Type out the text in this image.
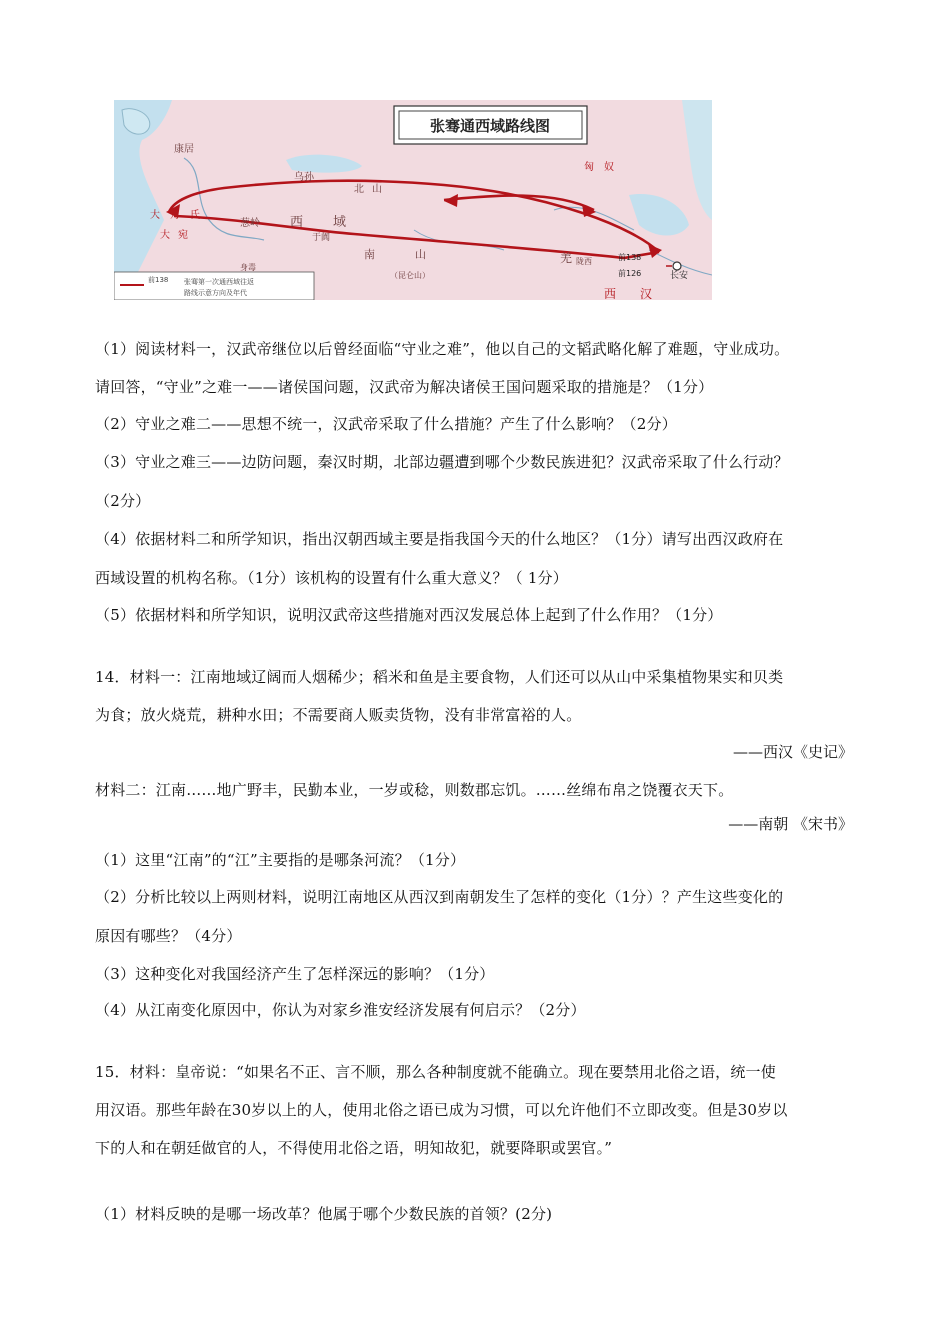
张骞通西域路线图
康居
乌孙
北山
匈奴
大月氏
大宛
葱岭 西域
于阗
南山
（昆仑山）
羌 陇西
长安
西汉
身毒
前138
前126
前138 张骞第一次通西域往返
路线示意方向及年代
（1）阅读材料一，汉武帝继位以后曾经面临“守业之难”，他以自己的文韬武略化解了难题，守业成功。
请回答，“守业”之难一——诸侯国问题，汉武帝为解决诸侯王国问题采取的措施是？（1分）
（2）守业之难二——思想不统一，汉武帝采取了什么措施？产生了什么影响？（2分）
（3）守业之难三——边防问题，秦汉时期，北部边疆遭到哪个少数民族进犯？汉武帝采取了什么行动？
（2分）
（4）依据材料二和所学知识，指出汉朝西域主要是指我国今天的什么地区？（1分）请写出西汉政府在
西域设置的机构名称。（1分）该机构的设置有什么重大意义？（ 1分）
（5）依据材料和所学知识，说明汉武帝这些措施对西汉发展总体上起到了什么作用？（1分）
14．材料一：江南地域辽阔而人烟稀少；稻米和鱼是主要食物，人们还可以从山中采集植物果实和贝类
为食；放火烧荒，耕种水田；不需要商人贩卖货物，没有非常富裕的人。
——西汉《史记》
材料二：江南……地广野丰，民勤本业，一岁或稔，则数郡忘饥。……丝绵布帛之饶覆衣天下。
——南朝 《宋书》
（1）这里“江南”的“江”主要指的是哪条河流？（1分）
（2）分析比较以上两则材料，说明江南地区从西汉到南朝发生了怎样的变化（1分）？产生这些变化的
原因有哪些？（4分）
（3）这种变化对我国经济产生了怎样深远的影响？（1分）
（4）从江南变化原因中，你认为对家乡淮安经济发展有何启示？（2分）
15．材料：皇帝说：“如果名不正、言不顺，那么各种制度就不能确立。现在要禁用北俗之语，统一使
用汉语。那些年龄在30岁以上的人，使用北俗之语已成为习惯，可以允许他们不立即改变。但是30岁以
下的人和在朝廷做官的人，不得使用北俗之语，明知故犯，就要降职或罢官。”
（1）材料反映的是哪一场改革？他属于哪个少数民族的首领？(2分)
